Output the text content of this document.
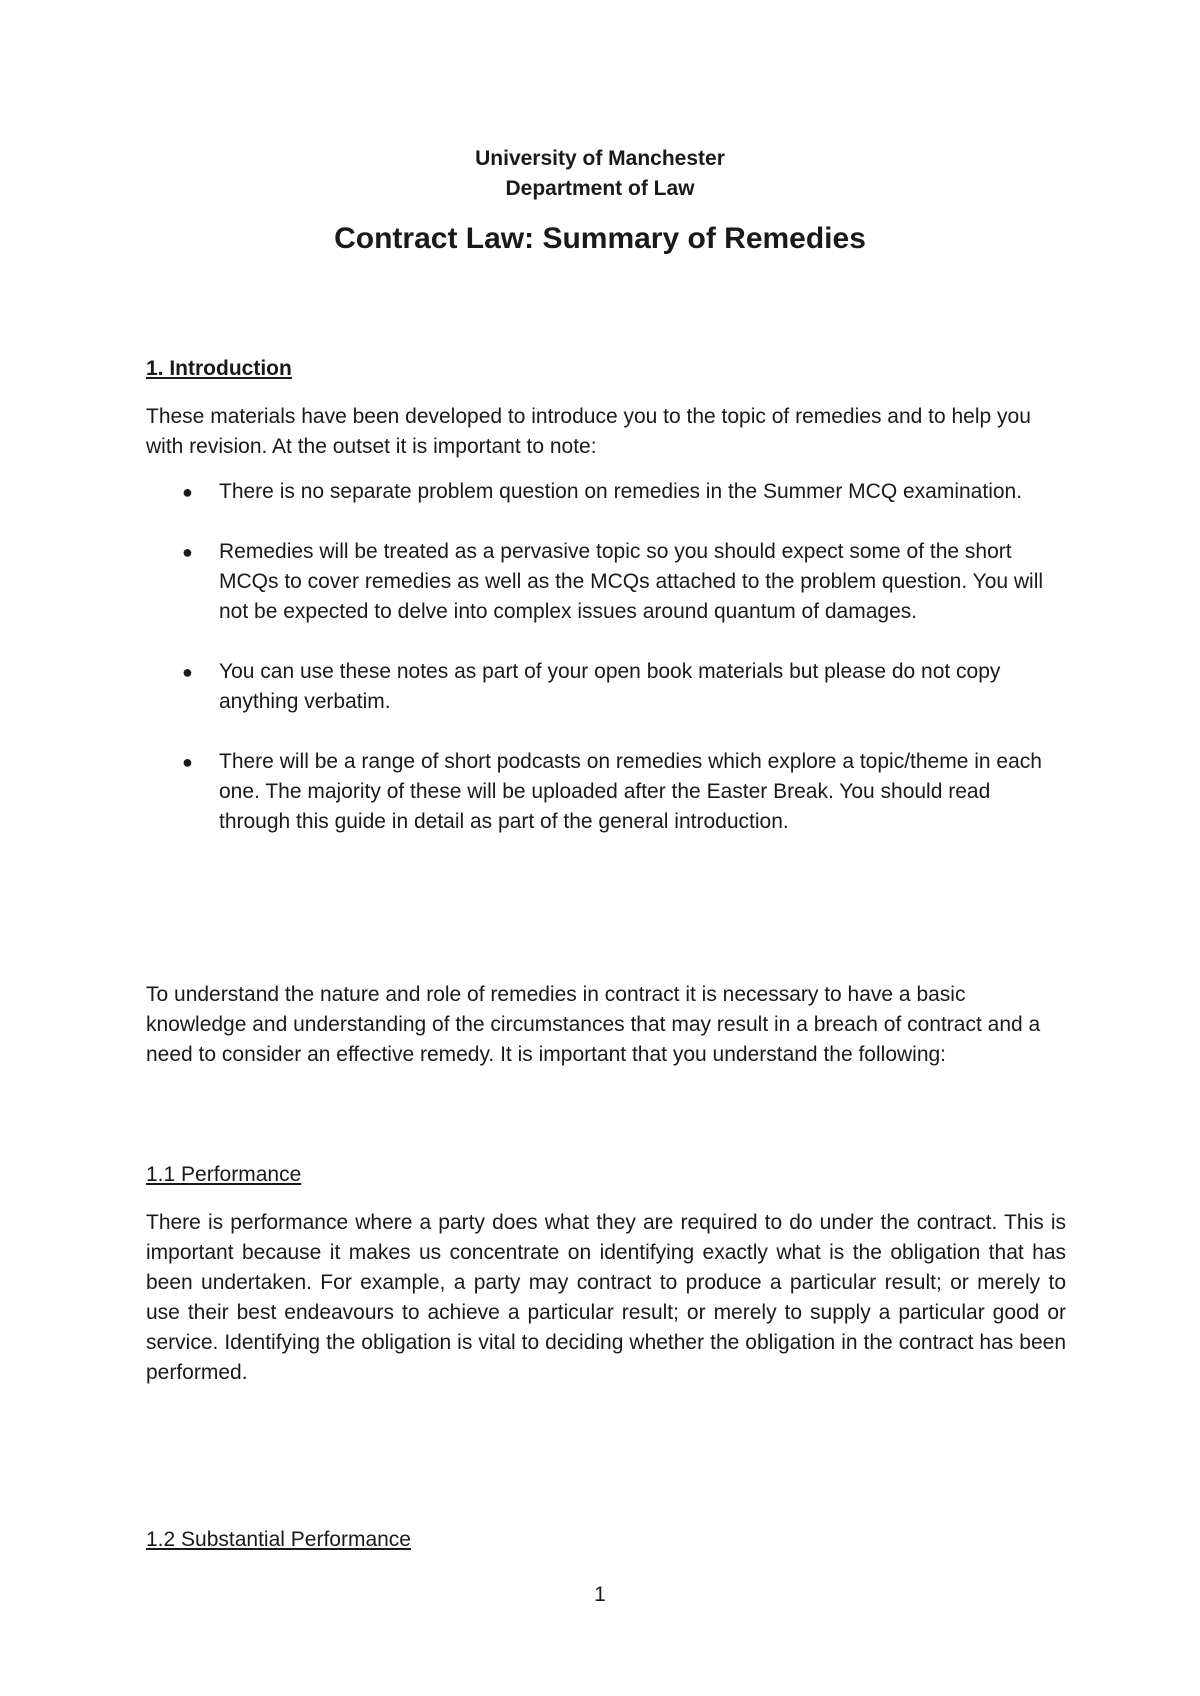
University of Manchester
Department of Law
Contract Law: Summary of Remedies
1. Introduction
These materials have been developed to introduce you to the topic of remedies and to help you with revision. At the outset it is important to note:
● There is no separate problem question on remedies in the Summer MCQ examination.
● Remedies will be treated as a pervasive topic so you should expect some of the short MCQs to cover remedies as well as the MCQs attached to the problem question. You will not be expected to delve into complex issues around quantum of damages.
● You can use these notes as part of your open book materials but please do not copy anything verbatim.
● There will be a range of short podcasts on remedies which explore a topic/theme in each one. The majority of these will be uploaded after the Easter Break. You should read through this guide in detail as part of the general introduction.
To understand the nature and role of remedies in contract it is necessary to have a basic knowledge and understanding of the circumstances that may result in a breach of contract and a need to consider an effective remedy. It is important that you understand the following:
1.1 Performance
There is performance where a party does what they are required to do under the contract. This is important because it makes us concentrate on identifying exactly what is the obligation that has been undertaken. For example, a party may contract to produce a particular result; or merely to use their best endeavours to achieve a particular result; or merely to supply a particular good or service. Identifying the obligation is vital to deciding whether the obligation in the contract has been performed.
1.2 Substantial Performance
1
